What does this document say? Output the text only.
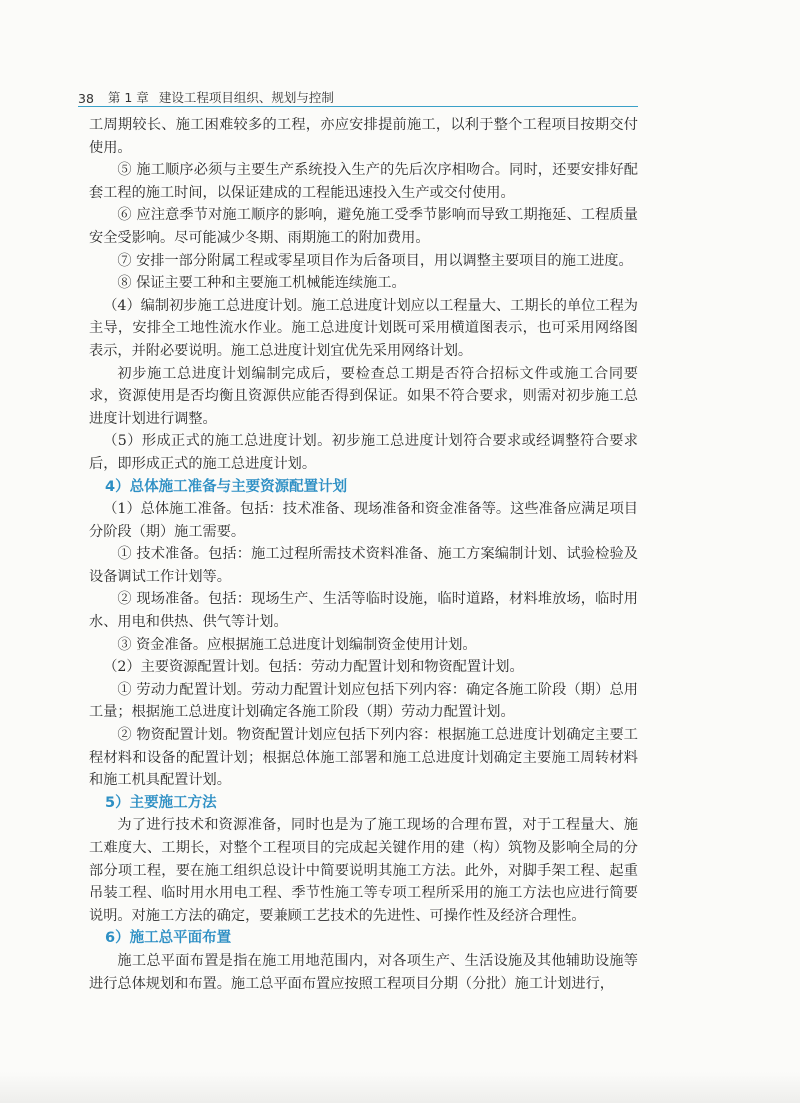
38 第 1 章 建设工程项目组织、规划与控制

工周期较长、施工困难较多的工程，亦应安排提前施工，以利于整个工程项目按期交付使用。

⑤ 施工顺序必须与主要生产系统投入生产的先后次序相吻合。同时，还要安排好配套工程的施工时间，以保证建成的工程能迅速投入生产或交付使用。

⑥ 应注意季节对施工顺序的影响，避免施工受季节影响而导致工期拖延、工程质量安全受影响。尽可能减少冬期、雨期施工的附加费用。

⑦ 安排一部分附属工程或零星项目作为后备项目，用以调整主要项目的施工进度。

⑧ 保证主要工种和主要施工机械能连续施工。

（4）编制初步施工总进度计划。施工总进度计划应以工程量大、工期长的单位工程为主导，安排全工地性流水作业。施工总进度计划既可采用横道图表示，也可采用网络图表示，并附必要说明。施工总进度计划宜优先采用网络计划。

初步施工总进度计划编制完成后，要检查总工期是否符合招标文件或施工合同要求，资源使用是否均衡且资源供应能否得到保证。如果不符合要求，则需对初步施工总进度计划进行调整。

（5）形成正式的施工总进度计划。初步施工总进度计划符合要求或经调整符合要求后，即形成正式的施工总进度计划。

4）总体施工准备与主要资源配置计划

（1）总体施工准备。包括：技术准备、现场准备和资金准备等。这些准备应满足项目分阶段（期）施工需要。

① 技术准备。包括：施工过程所需技术资料准备、施工方案编制计划、试验检验及设备调试工作计划等。

② 现场准备。包括：现场生产、生活等临时设施，临时道路，材料堆放场，临时用水、用电和供热、供气等计划。

③ 资金准备。应根据施工总进度计划编制资金使用计划。

（2）主要资源配置计划。包括：劳动力配置计划和物资配置计划。

① 劳动力配置计划。劳动力配置计划应包括下列内容：确定各施工阶段（期）总用工量；根据施工总进度计划确定各施工阶段（期）劳动力配置计划。

② 物资配置计划。物资配置计划应包括下列内容：根据施工总进度计划确定主要工程材料和设备的配置计划；根据总体施工部署和施工总进度计划确定主要施工周转材料和施工机具配置计划。

5）主要施工方法

为了进行技术和资源准备，同时也是为了施工现场的合理布置，对于工程量大、施工难度大、工期长，对整个工程项目的完成起关键作用的建（构）筑物及影响全局的分部分项工程，要在施工组织总设计中简要说明其施工方法。此外，对脚手架工程、起重吊装工程、临时用水用电工程、季节性施工等专项工程所采用的施工方法也应进行简要说明。对施工方法的确定，要兼顾工艺技术的先进性、可操作性及经济合理性。

6）施工总平面布置

施工总平面布置是指在施工用地范围内，对各项生产、生活设施及其他辅助设施等进行总体规划和布置。施工总平面布置应按照工程项目分期（分批）施工计划进行，
